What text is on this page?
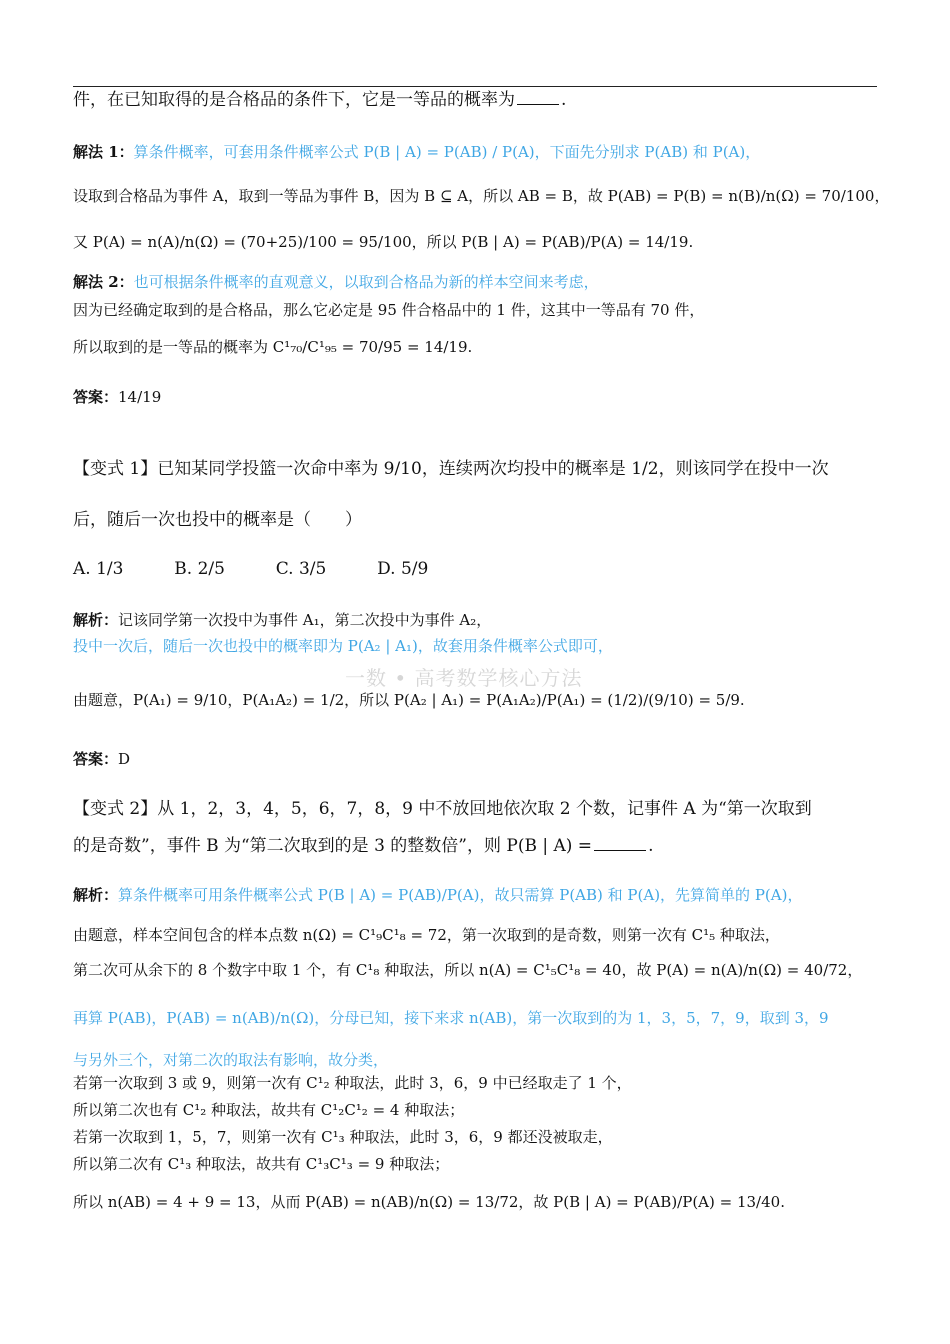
件，在已知取得的是合格品的条件下，它是一等品的概率为	.
解法 1：算条件概率，可套用条件概率公式 P(B | A) = P(AB) / P(A)，下面先分别求 P(AB) 和 P(A)，
设取到合格品为事件 A，取到一等品为事件 B，因为 B ⊆ A，所以 AB = B，故 P(AB) = P(B) = n(B)/n(Ω) = 70/100，
又 P(A) = n(A)/n(Ω) = (70+25)/100 = 95/100，所以 P(B | A) = P(AB)/P(A) = 14/19.
解法 2：也可根据条件概率的直观意义，以取到合格品为新的样本空间来考虑，
因为已经确定取到的是合格品，那么它必定是 95 件合格品中的 1 件，这其中一等品有 70 件，
所以取到的是一等品的概率为 C¹₇₀/C¹₉₅ = 70/95 = 14/19.
答案：14/19
【变式 1】已知某同学投篮一次命中率为 9/10，连续两次均投中的概率是 1/2，则该同学在投中一次
后，随后一次也投中的概率是（　　）
A. 1/3	B. 2/5	C. 3/5	D. 5/9
解析：记该同学第一次投中为事件 A₁，第二次投中为事件 A₂，
投中一次后，随后一次也投中的概率即为 P(A₂ | A₁)，故套用条件概率公式即可，
一数 • 高考数学核心方法
由题意，P(A₁) = 9/10，P(A₁A₂) = 1/2，所以 P(A₂ | A₁) = P(A₁A₂)/P(A₁) = (1/2)/(9/10) = 5/9.
答案：D
【变式 2】从 1，2，3，4，5，6，7，8，9 中不放回地依次取 2 个数，记事件 A 为“第一次取到
的是奇数”，事件 B 为“第二次取到的是 3 的整数倍”，则 P(B | A) =	.
解析：算条件概率可用条件概率公式 P(B | A) = P(AB)/P(A)，故只需算 P(AB) 和 P(A)，先算简单的 P(A)，
由题意，样本空间包含的样本点数 n(Ω) = C¹₉C¹₈ = 72，第一次取到的是奇数，则第一次有 C¹₅ 种取法，
第二次可从余下的 8 个数字中取 1 个，有 C¹₈ 种取法，所以 n(A) = C¹₅C¹₈ = 40，故 P(A) = n(A)/n(Ω) = 40/72，
再算 P(AB)，P(AB) = n(AB)/n(Ω)，分母已知，接下来求 n(AB)，第一次取到的为 1，3，5，7，9，取到 3，9
与另外三个，对第二次的取法有影响，故分类，
若第一次取到 3 或 9，则第一次有 C¹₂ 种取法，此时 3，6，9 中已经取走了 1 个，
所以第二次也有 C¹₂ 种取法，故共有 C¹₂C¹₂ = 4 种取法；
若第一次取到 1，5，7，则第一次有 C¹₃ 种取法，此时 3，6，9 都还没被取走，
所以第二次有 C¹₃ 种取法，故共有 C¹₃C¹₃ = 9 种取法；
所以 n(AB) = 4 + 9 = 13，从而 P(AB) = n(AB)/n(Ω) = 13/72，故 P(B | A) = P(AB)/P(A) = 13/40.
